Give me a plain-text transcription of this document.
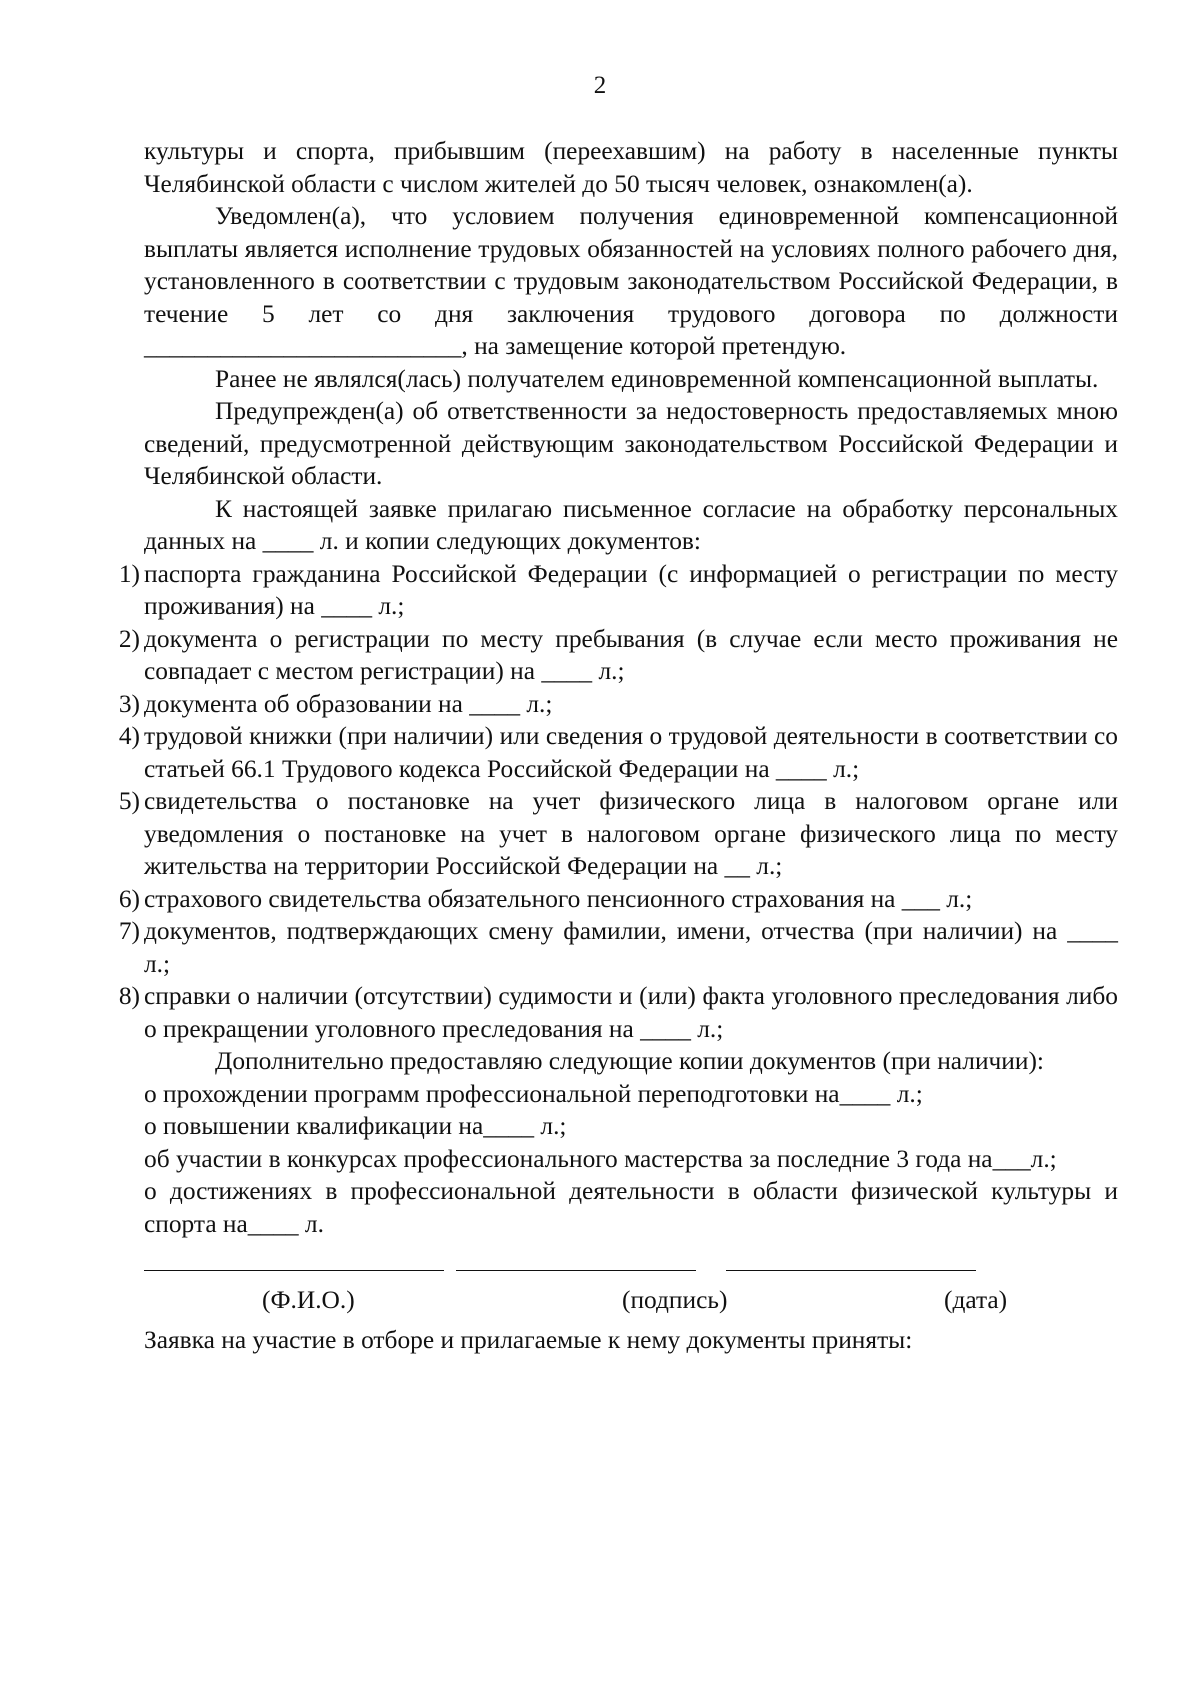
2

культуры и спорта, прибывшим (переехавшим) на работу в населенные пункты Челябинской области с числом жителей до 50 тысяч человек, ознакомлен(а).

Уведомлен(а), что условием получения единовременной компенсационной выплаты является исполнение трудовых обязанностей на условиях полного рабочего дня, установленного в соответствии с трудовым законодательством Российской Федерации, в течение 5 лет со дня заключения трудового договора по должности _________________________, на замещение которой претендую.

Ранее не являлся(лась) получателем единовременной компенсационной выплаты.

Предупрежден(а) об ответственности за недостоверность предоставляемых мною сведений, предусмотренной действующим законодательством Российской Федерации и Челябинской области.

К настоящей заявке прилагаю письменное согласие на обработку персональных данных на ____ л. и копии следующих документов:

1) паспорта гражданина Российской Федерации (с информацией о регистрации по месту проживания) на ____ л.;
2) документа о регистрации по месту пребывания (в случае если место проживания не совпадает с местом регистрации) на ____ л.;
3) документа об образовании на ____ л.;
4) трудовой книжки (при наличии) или сведения о трудовой деятельности в соответствии со статьей 66.1 Трудового кодекса Российской Федерации на ____ л.;
5) свидетельства о постановке на учет физического лица в налоговом органе или уведомления о постановке на учет в налоговом органе физического лица по месту жительства на территории Российской Федерации на __ л.;
6) страхового свидетельства обязательного пенсионного страхования на ___ л.;
7) документов, подтверждающих смену фамилии, имени, отчества (при наличии) на ____ л.;
8) справки о наличии (отсутствии) судимости и (или) факта уголовного преследования либо о прекращении уголовного преследования на ____ л.;

Дополнительно предоставляю следующие копии документов (при наличии):

о прохождении программ профессиональной переподготовки на____ л.;

о повышении квалификации на____ л.;

об участии в конкурсах профессионального мастерства за последние 3 года на___л.;

о достижениях в профессиональной деятельности в области физической культуры и спорта на____ л.

(Ф.И.О.)	(подпись)	(дата)

Заявка на участие в отборе и прилагаемые к нему документы приняты:
